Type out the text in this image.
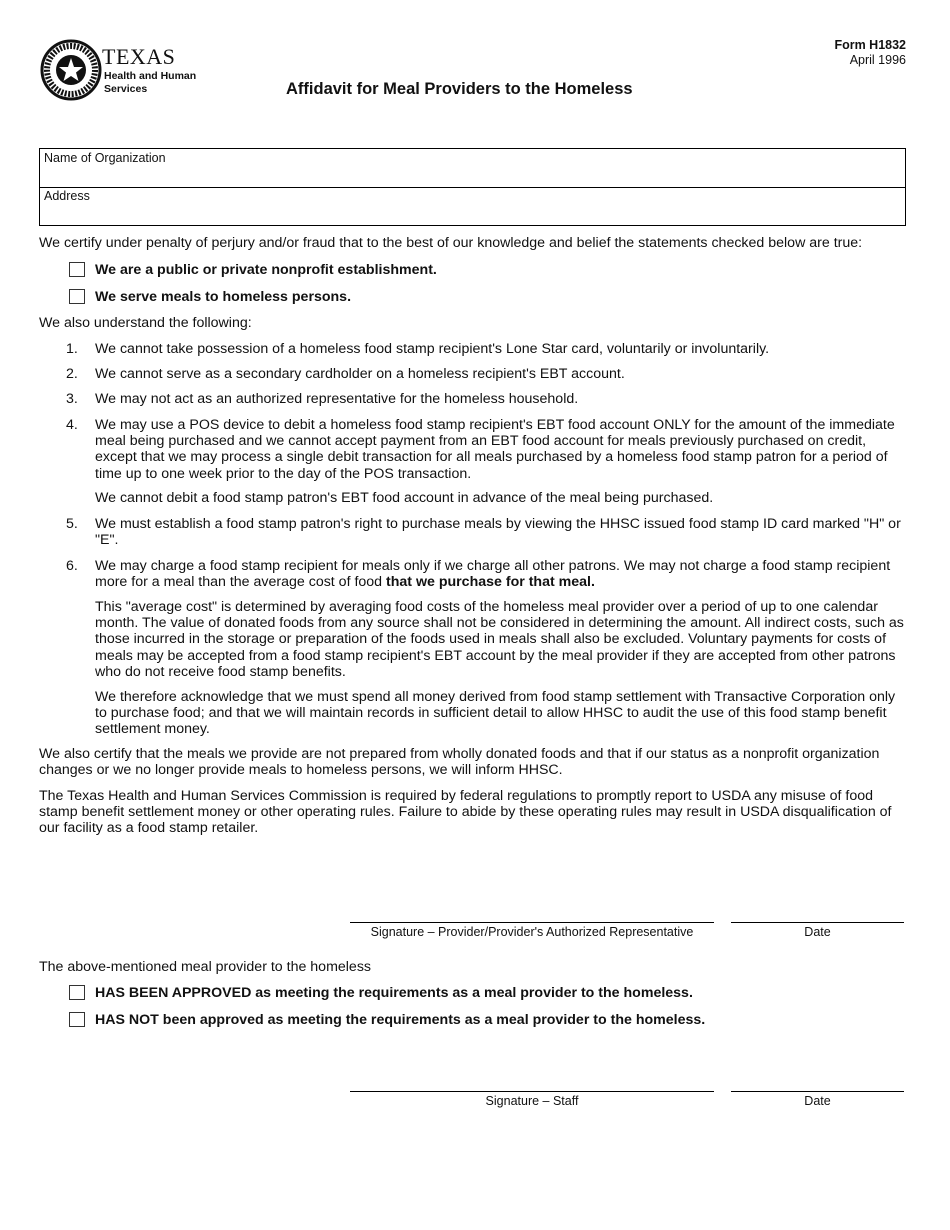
TEXAS
Health and Human
Services
Form H1832
April 1996
Affidavit for Meal Providers to the Homeless
Name of Organization
Address

We certify under penalty of perjury and/or fraud that to the best of our knowledge and belief the statements checked below are true:

We are a public or private nonprofit establishment.

We serve meals to homeless persons.

We also understand the following:

1.	We cannot take possession of a homeless food stamp recipient's Lone Star card, voluntarily or involuntarily.

2.	We cannot serve as a secondary cardholder on a homeless recipient's EBT account.

3.	We may not act as an authorized representative for the homeless household.

4.	We may use a POS device to debit a homeless food stamp recipient's EBT food account ONLY for the amount of the immediate meal being purchased and we cannot accept payment from an EBT food account for meals previously purchased on credit, except that we may process a single debit transaction for all meals purchased by a homeless food stamp patron for a period of time up to one week prior to the day of the POS transaction.

We cannot debit a food stamp patron's EBT food account in advance of the meal being purchased.

5.	We must establish a food stamp patron's right to purchase meals by viewing the HHSC issued food stamp ID card marked "H" or "E".

6.	We may charge a food stamp recipient for meals only if we charge all other patrons. We may not charge a food stamp recipient more for a meal than the average cost of food that we purchase for that meal.

This "average cost" is determined by averaging food costs of the homeless meal provider over a period of up to one calendar month. The value of donated foods from any source shall not be considered in determining the amount. All indirect costs, such as those incurred in the storage or preparation of the foods used in meals shall also be excluded. Voluntary payments for costs of meals may be accepted from a food stamp recipient's EBT account by the meal provider if they are accepted from other patrons who do not receive food stamp benefits.

We therefore acknowledge that we must spend all money derived from food stamp settlement with Transactive Corporation only to purchase food; and that we will maintain records in sufficient detail to allow HHSC to audit the use of this food stamp benefit settlement money.

We also certify that the meals we provide are not prepared from wholly donated foods and that if our status as a nonprofit organization changes or we no longer provide meals to homeless persons, we will inform HHSC.

The Texas Health and Human Services Commission is required by federal regulations to promptly report to USDA any misuse of food stamp benefit settlement money or other operating rules. Failure to abide by these operating rules may result in USDA disqualification of our facility as a food stamp retailer.

Signature – Provider/Provider's Authorized Representative	Date

The above-mentioned meal provider to the homeless

HAS BEEN APPROVED as meeting the requirements as a meal provider to the homeless.

HAS NOT been approved as meeting the requirements as a meal provider to the homeless.

Signature – Staff	Date
